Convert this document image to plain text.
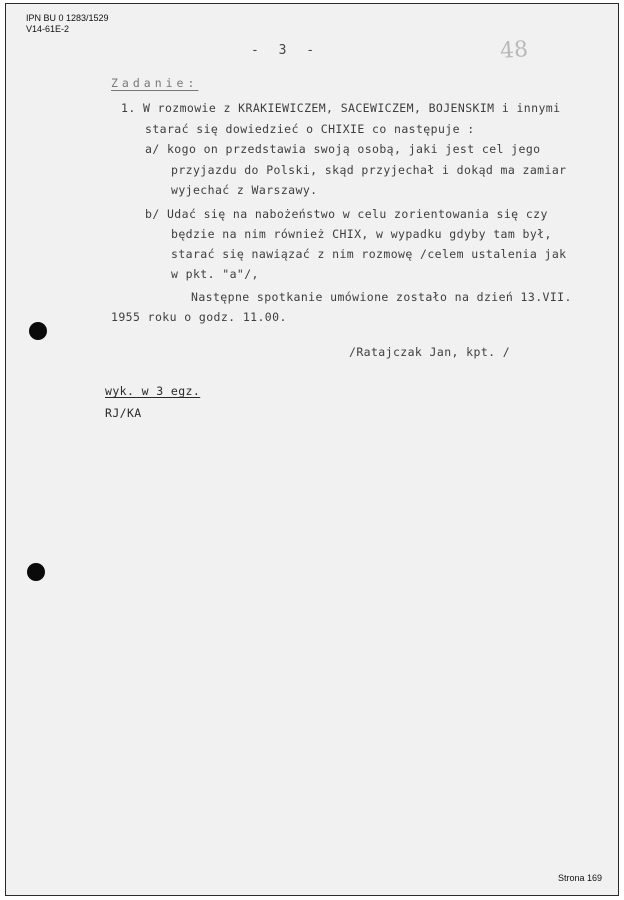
IPN BU 0 1283/1529
V14-61E-2
- 3 -	48
Zadanie:
1. W rozmowie z KRAKIEWICZEM, SACEWICZEM, BOJENSKIM i innymi
starać się dowiedzieć o CHIXIE co następuje :
a/ kogo on przedstawia swoją osobą, jaki jest cel jego
przyjazdu do Polski, skąd przyjechał i dokąd ma zamiar
wyjechać z Warszawy.
b/ Udać się na nabożeństwo w celu zorientowania się czy
będzie na nim również CHIX, w wypadku gdyby tam był,
starać się nawiązać z nim rozmowę /celem ustalenia jak
w pkt. "a"/,
Następne spotkanie umówione zostało na dzień 13.VII.
1955 roku o godz. 11.00.
/Ratajczak Jan, kpt. /
wyk. w 3 egz.
RJ/KA
Strona 169
